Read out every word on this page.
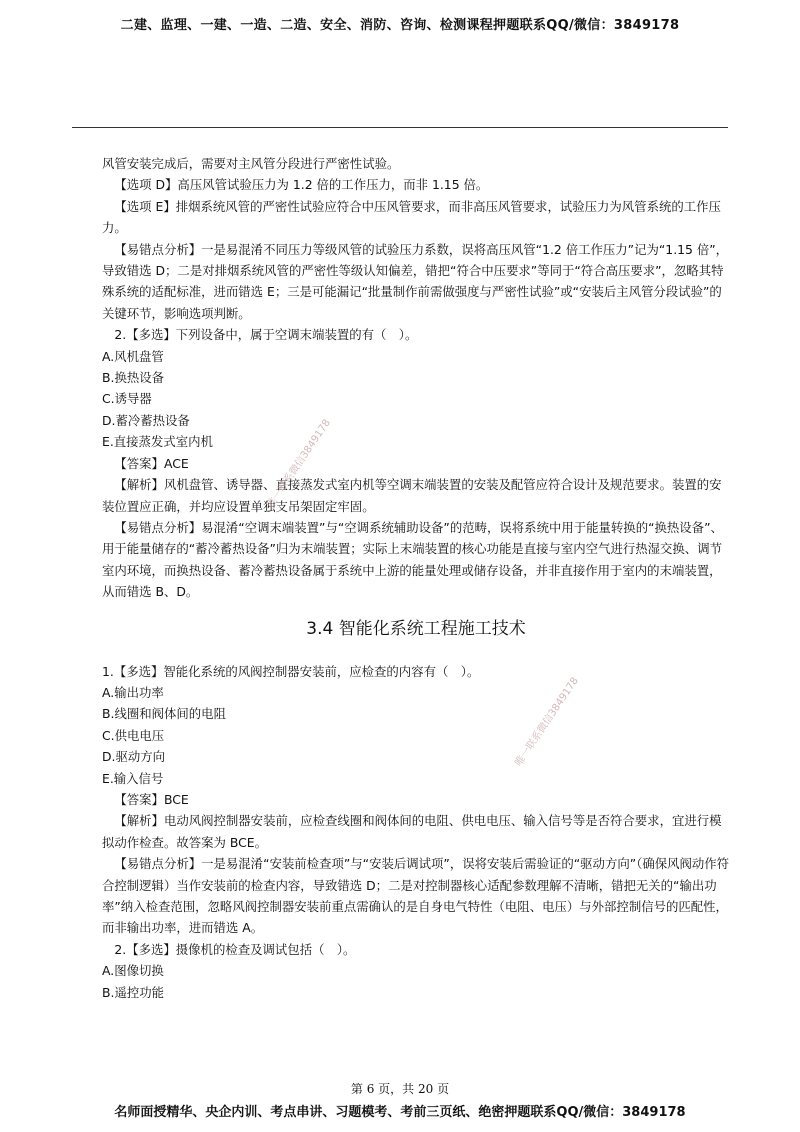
二建、监理、一建、一造、二造、安全、消防、咨询、检测课程押题联系QQ/微信：3849178

风管安装完成后，需要对主风管分段进行严密性试验。

【选项 D】高压风管试验压力为 1.2 倍的工作压力，而非 1.15 倍。

【选项 E】排烟系统风管的严密性试验应符合中压风管要求，而非高压风管要求，试验压力为风管系统的工作压力。

【易错点分析】一是易混淆不同压力等级风管的试验压力系数，误将高压风管“1.2 倍工作压力”记为“1.15 倍”，导致错选 D；二是对排烟系统风管的严密性等级认知偏差，错把“符合中压要求”等同于“符合高压要求”，忽略其特殊系统的适配标准，进而错选 E；三是可能漏记“批量制作前需做强度与严密性试验”或“安装后主风管分段试验”的关键环节，影响选项判断。

2.【多选】下列设备中，属于空调末端装置的有（　）。

A.风机盘管

B.换热设备

C.诱导器

D.蓄冷蓄热设备

E.直接蒸发式室内机

【答案】ACE

【解析】风机盘管、诱导器、直接蒸发式室内机等空调末端装置的安装及配管应符合设计及规范要求。装置的安装位置应正确，并均应设置单独支吊架固定牢固。

【易错点分析】易混淆“空调末端装置”与“空调系统辅助设备”的范畴，误将系统中用于能量转换的“换热设备”、用于能量储存的“蓄冷蓄热设备”归为末端装置；实际上末端装置的核心功能是直接与室内空气进行热湿交换、调节室内环境，而换热设备、蓄冷蓄热设备属于系统中上游的能量处理或储存设备，并非直接作用于室内的末端装置，从而错选 B、D。

3.4 智能化系统工程施工技术

1.【多选】智能化系统的风阀控制器安装前，应检查的内容有（　）。

A.输出功率

B.线圈和阀体间的电阻

C.供电电压

D.驱动方向

E.输入信号

【答案】BCE

【解析】电动风阀控制器安装前，应检查线圈和阀体间的电阻、供电电压、输入信号等是否符合要求，宜进行模拟动作检查。故答案为 BCE。

【易错点分析】一是易混淆“安装前检查项”与“安装后调试项”，误将安装后需验证的“驱动方向”（确保风阀动作符合控制逻辑）当作安装前的检查内容，导致错选 D；二是对控制器核心适配参数理解不清晰，错把无关的“输出功率”纳入检查范围，忽略风阀控制器安装前重点需确认的是自身电气特性（电阻、电压）与外部控制信号的匹配性，而非输出功率，进而错选 A。

2.【多选】摄像机的检查及调试包括（　）。

A.图像切换

B.遥控功能

唯一联系微信3849178
唯一联系微信3849178
第 6 页，共 20 页
名师面授精华、央企内训、考点串讲、习题模考、考前三页纸、绝密押题联系QQ/微信：3849178
